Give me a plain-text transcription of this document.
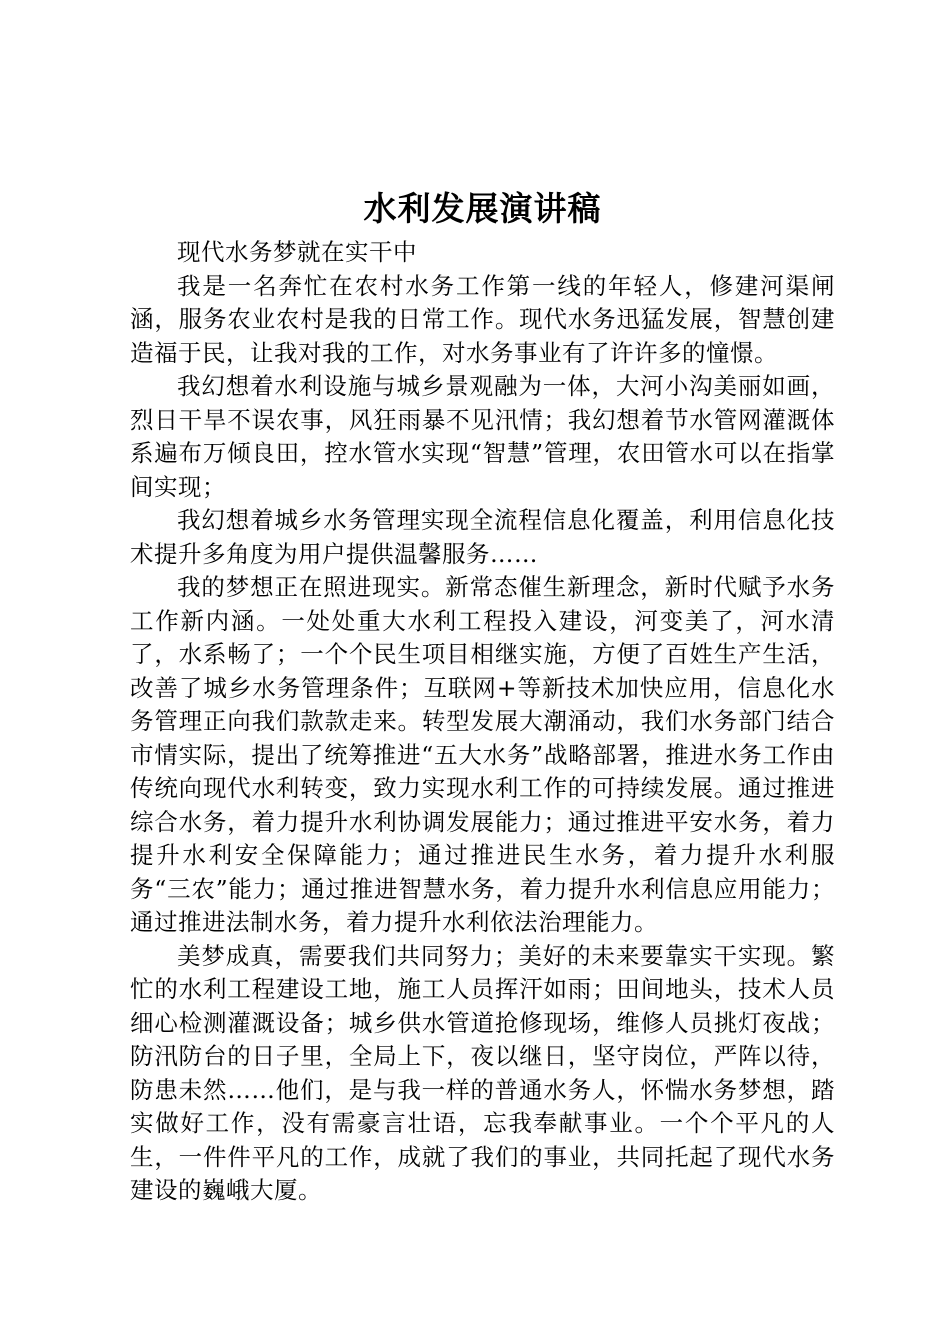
水利发展演讲稿

现代水务梦就在实干中

我是一名奔忙在农村水务工作第一线的年轻人，修建河渠闸涵，服务农业农村是我的日常工作。现代水务迅猛发展，智慧创建造福于民，让我对我的工作，对水务事业有了许许多的憧憬。

我幻想着水利设施与城乡景观融为一体，大河小沟美丽如画，烈日干旱不误农事，风狂雨暴不见汛情；我幻想着节水管网灌溉体系遍布万倾良田，控水管水实现“智慧”管理，农田管水可以在指掌间实现；

我幻想着城乡水务管理实现全流程信息化覆盖，利用信息化技术提升多角度为用户提供温馨服务……

我的梦想正在照进现实。新常态催生新理念，新时代赋予水务工作新内涵。一处处重大水利工程投入建设，河变美了，河水清了，水系畅了；一个个民生项目相继实施，方便了百姓生产生活，改善了城乡水务管理条件；互联网+等新技术加快应用，信息化水务管理正向我们款款走来。转型发展大潮涌动，我们水务部门结合市情实际，提出了统筹推进“五大水务”战略部署，推进水务工作由传统向现代水利转变，致力实现水利工作的可持续发展。通过推进综合水务，着力提升水利协调发展能力；通过推进平安水务，着力提升水利安全保障能力；通过推进民生水务，着力提升水利服务“三农”能力；通过推进智慧水务，着力提升水利信息应用能力；通过推进法制水务，着力提升水利依法治理能力。

美梦成真，需要我们共同努力；美好的未来要靠实干实现。繁忙的水利工程建设工地，施工人员挥汗如雨；田间地头，技术人员细心检测灌溉设备；城乡供水管道抢修现场，维修人员挑灯夜战；防汛防台的日子里，全局上下，夜以继日，坚守岗位，严阵以待，防患未然……他们，是与我一样的普通水务人，怀惴水务梦想，踏实做好工作，没有需豪言壮语，忘我奉献事业。一个个平凡的人生，一件件平凡的工作，成就了我们的事业，共同托起了现代水务建设的巍峨大厦。
